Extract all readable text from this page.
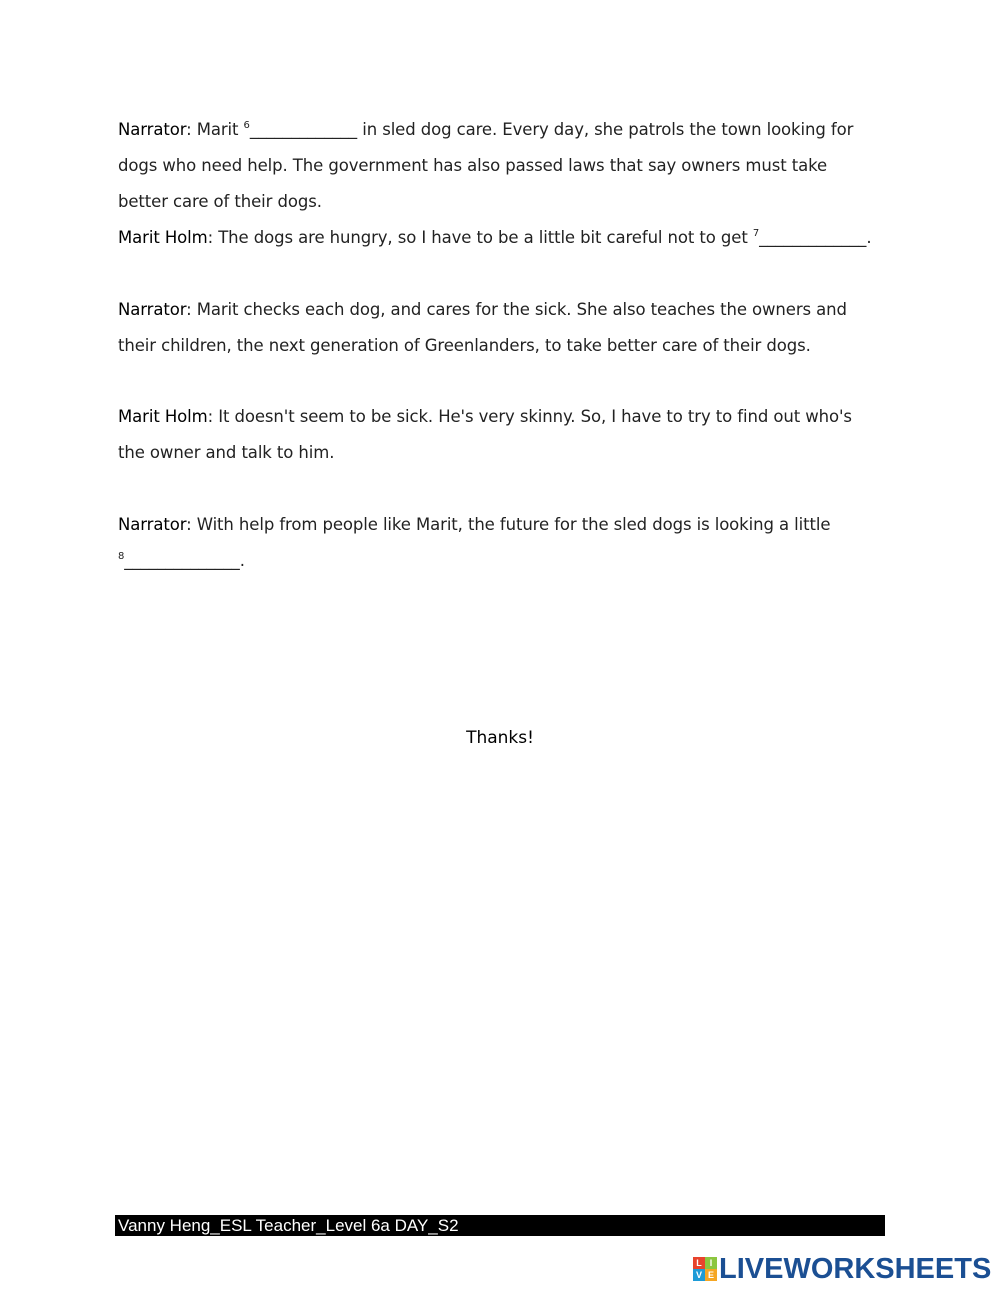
Narrator: Marit $^6$_____________ in sled dog care. Every day, she patrols the town looking for dogs who need help. The government has also passed laws that say owners must take better care of their dogs.
Marit Holm: The dogs are hungry, so I have to be a little bit careful not to get $^7$_____________.
Narrator: Marit checks each dog, and cares for the sick. She also teaches the owners and their children, the next generation of Greenlanders, to take better care of their dogs.
Marit Holm: It doesn't seem to be sick. He's very skinny. So, I have to try to find out who's the owner and talk to him.
Narrator: With help from people like Marit, the future for the sled dogs is looking a little $^8$______________.
Thanks!
Vanny Heng_ESL Teacher_Level 6a DAY_S2
L I
V E LIVEWORKSHEETS
